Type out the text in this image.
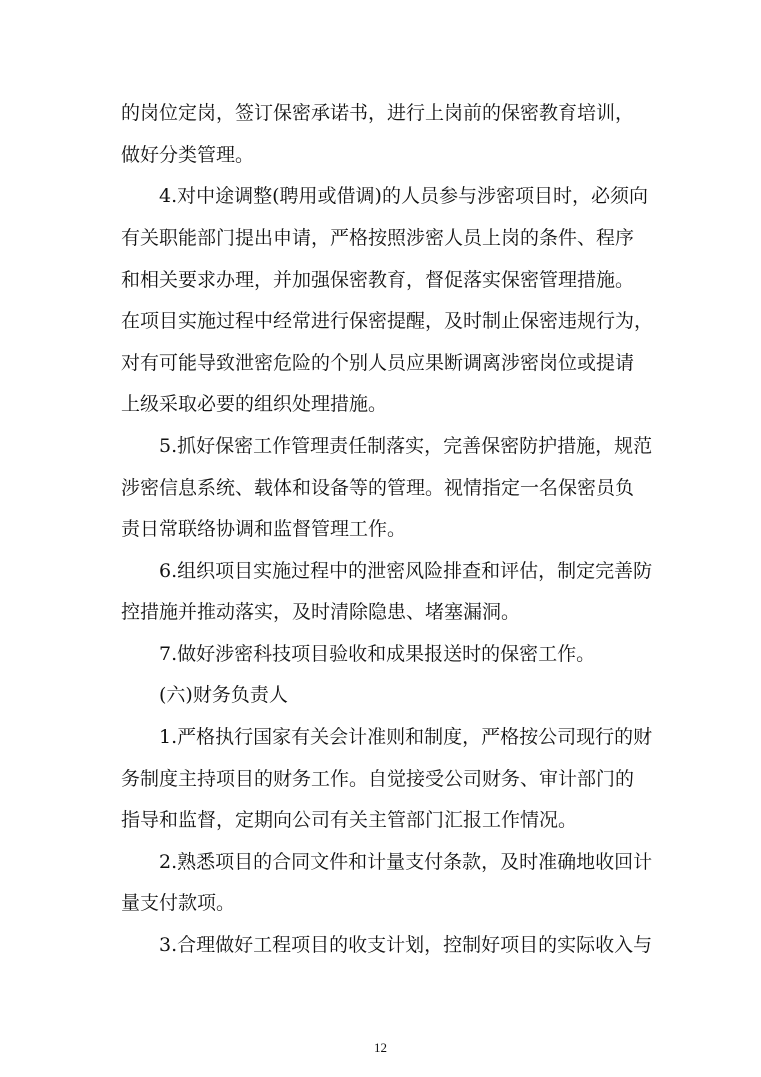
的岗位定岗，签订保密承诺书，进行上岗前的保密教育培训，
做好分类管理。
4.对中途调整(聘用或借调)的人员参与涉密项目时，必须向
有关职能部门提出申请，严格按照涉密人员上岗的条件、程序
和相关要求办理，并加强保密教育，督促落实保密管理措施。
在项目实施过程中经常进行保密提醒，及时制止保密违规行为，
对有可能导致泄密危险的个别人员应果断调离涉密岗位或提请
上级采取必要的组织处理措施。
5.抓好保密工作管理责任制落实，完善保密防护措施，规范
涉密信息系统、载体和设备等的管理。视情指定一名保密员负
责日常联络协调和监督管理工作。
6.组织项目实施过程中的泄密风险排查和评估，制定完善防
控措施并推动落实，及时清除隐患、堵塞漏洞。
7.做好涉密科技项目验收和成果报送时的保密工作。
(六)财务负责人
1.严格执行国家有关会计准则和制度，严格按公司现行的财
务制度主持项目的财务工作。自觉接受公司财务、审计部门的
指导和监督，定期向公司有关主管部门汇报工作情况。
2.熟悉项目的合同文件和计量支付条款，及时准确地收回计
量支付款项。
3.合理做好工程项目的收支计划，控制好项目的实际收入与
12
